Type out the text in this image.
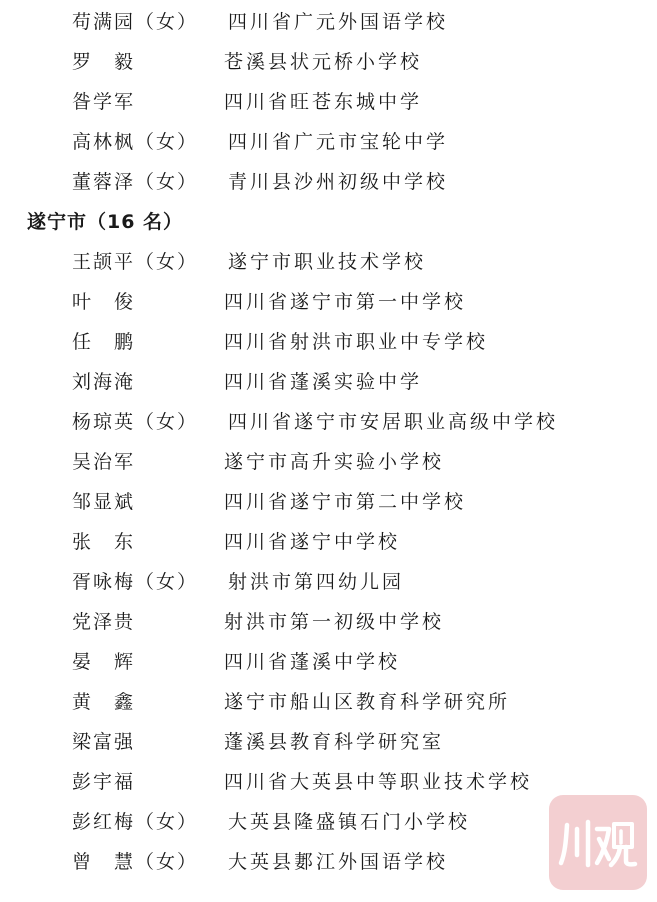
苟满园（女） 四川省广元外国语学校
罗　毅	苍溪县状元桥小学校
昝学军	四川省旺苍东城中学
高林枫（女） 四川省广元市宝轮中学
董蓉泽（女） 青川县沙州初级中学校
遂宁市（16 名）
王颉平（女） 遂宁市职业技术学校
叶　俊	四川省遂宁市第一中学校
任　鹏	四川省射洪市职业中专学校
刘海淹	四川省蓬溪实验中学
杨琼英（女） 四川省遂宁市安居职业高级中学校
吴治军	遂宁市高升实验小学校
邹显斌	四川省遂宁市第二中学校
张　东	四川省遂宁中学校
胥咏梅（女） 射洪市第四幼儿园
党泽贵	射洪市第一初级中学校
晏　辉	四川省蓬溪中学校
黄　鑫	遂宁市船山区教育科学研究所
梁富强	蓬溪县教育科学研究室
彭宇福	四川省大英县中等职业技术学校
彭红梅（女） 大英县隆盛镇石门小学校
曾　慧（女） 大英县郪江外国语学校
